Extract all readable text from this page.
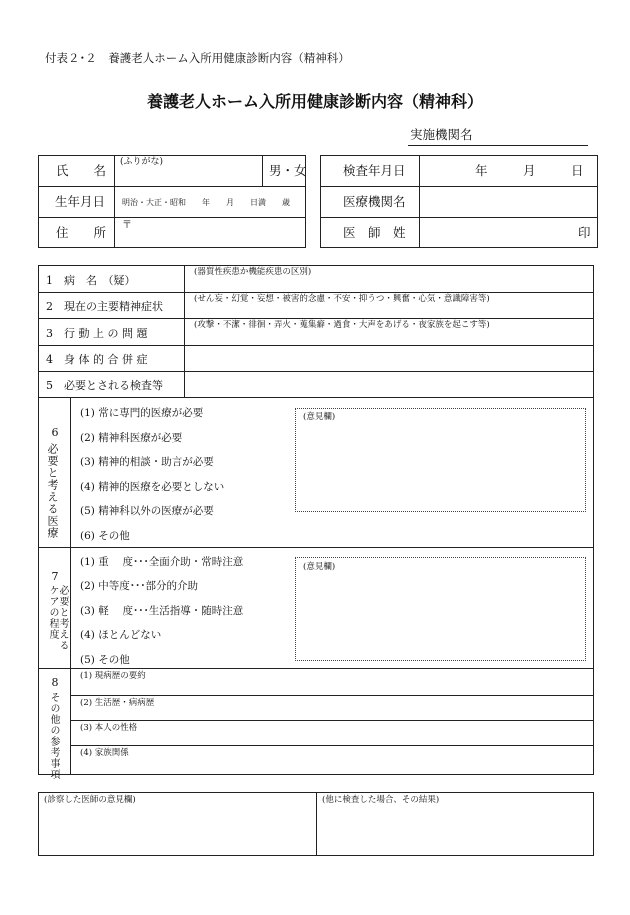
付表２･２　養護老人ホーム入所用健康診断内容（精神科）
養護老人ホーム入所用健康診断内容（精神科）
実施機関名
氏　　名
(ふりがな)
男・女
生年月日 明治・大正・昭和　　年　　月　　日満　　歳
住　　所 〒
検査年月日	年	月	日
医療機関名
医　師　姓	印
1　病　名　（疑）
(器質性疾患か機能疾患の区別)
2　現在の主要精神症状
(せん妄・幻覚・妄想・被害的念慮・不安・抑うつ・興奮・心気・意識障害等)
3　行 動 上 の 問 題
(攻撃・不潔・徘徊・弄火・蒐集癖・過食・大声をあげる・夜家族を起こす等)
4　身 体 的 合 併 症
5　必要とされる検査等
6
必要と考える医療
(1) 常に専門的医療が必要
(2) 精神科医療が必要
(3) 精神的相談・助言が必要
(4) 精神的医療を必要としない
(5) 精神科以外の医療が必要
(6) その他
(意見欄)
7
必要と考えるケアの程度
(1) 重　 度･･･全面介助・常時注意
(2) 中等度･･･部分的介助
(3) 軽　 度･･･生活指導・随時注意
(4) ほとんどない
(5) その他
(意見欄)
8
その他の参考事項
(1) 現病歴の要約
(2) 生活歴・病病歴
(3) 本人の性格
(4) 家族関係
(診察した医師の意見欄)	(他に検査した場合、その結果)
